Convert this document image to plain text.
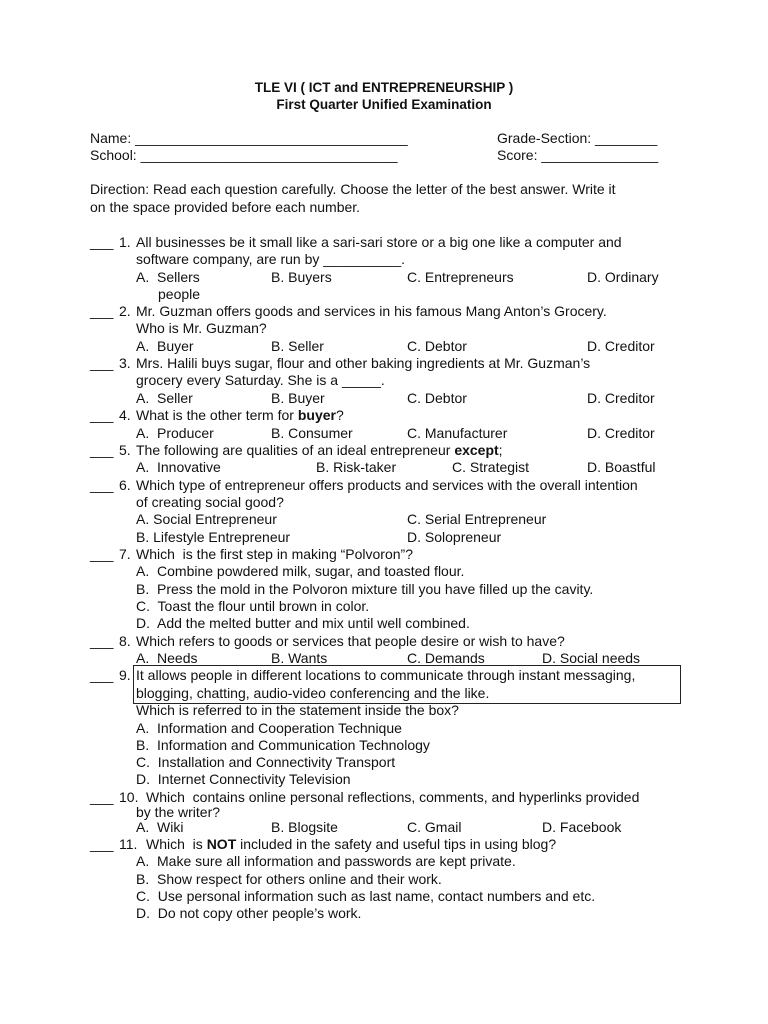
TLE VI ( ICT and ENTREPRENEURSHIP )
First Quarter Unified Examination
Name: ___________________________________	Grade-Section: ________
School: _________________________________	Score: _______________
Direction: Read each question carefully. Choose the letter of the best answer. Write it
on the space provided before each number.
___ 1. All businesses be it small like a sari-sari store or a big one like a computer and
software company, are run by __________.
A.  Sellers	B. Buyers	C. Entrepreneurs	D. Ordinary
people
___ 2. Mr. Guzman offers goods and services in his famous Mang Anton’s Grocery.
Who is Mr. Guzman?
A.  Buyer	B. Seller	C. Debtor	D. Creditor
___ 3. Mrs. Halili buys sugar, flour and other baking ingredients at Mr. Guzman’s
grocery every Saturday. She is a _____.
A.  Seller	B. Buyer	C. Debtor	D. Creditor
___ 4. What is the other term for buyer?
A.  Producer	B. Consumer	C. Manufacturer	D. Creditor
___ 5. The following are qualities of an ideal entrepreneur except;
A.  Innovative	B. Risk-taker	C. Strategist	D. Boastful
___ 6. Which type of entrepreneur offers products and services with the overall intention
of creating social good?
A. Social Entrepreneur	C. Serial Entrepreneur
B. Lifestyle Entrepreneur	D. Solopreneur
___ 7. Which  is the first step in making “Polvoron”?
A.  Combine powdered milk, sugar, and toasted flour.
B.  Press the mold in the Polvoron mixture till you have filled up the cavity.
C.  Toast the flour until brown in color.
D.  Add the melted butter and mix until well combined.
___ 8. Which refers to goods or services that people desire or wish to have?
A.  Needs	B. Wants	C. Demands	D. Social needs
___ 9. It allows people in different locations to communicate through instant messaging,
blogging, chatting, audio-video conferencing and the like.
Which is referred to in the statement inside the box?
A.  Information and Cooperation Technique
B.  Information and Communication Technology
C.  Installation and Connectivity Transport
D.  Internet Connectivity Television
___ 10. Which  contains online personal reflections, comments, and hyperlinks provided
by the writer?
A.  Wiki	B. Blogsite	C. Gmail	D. Facebook
___ 11. Which  is NOT included in the safety and useful tips in using blog?
A.  Make sure all information and passwords are kept private.
B.  Show respect for others online and their work.
C.  Use personal information such as last name, contact numbers and etc.
D.  Do not copy other people’s work.
